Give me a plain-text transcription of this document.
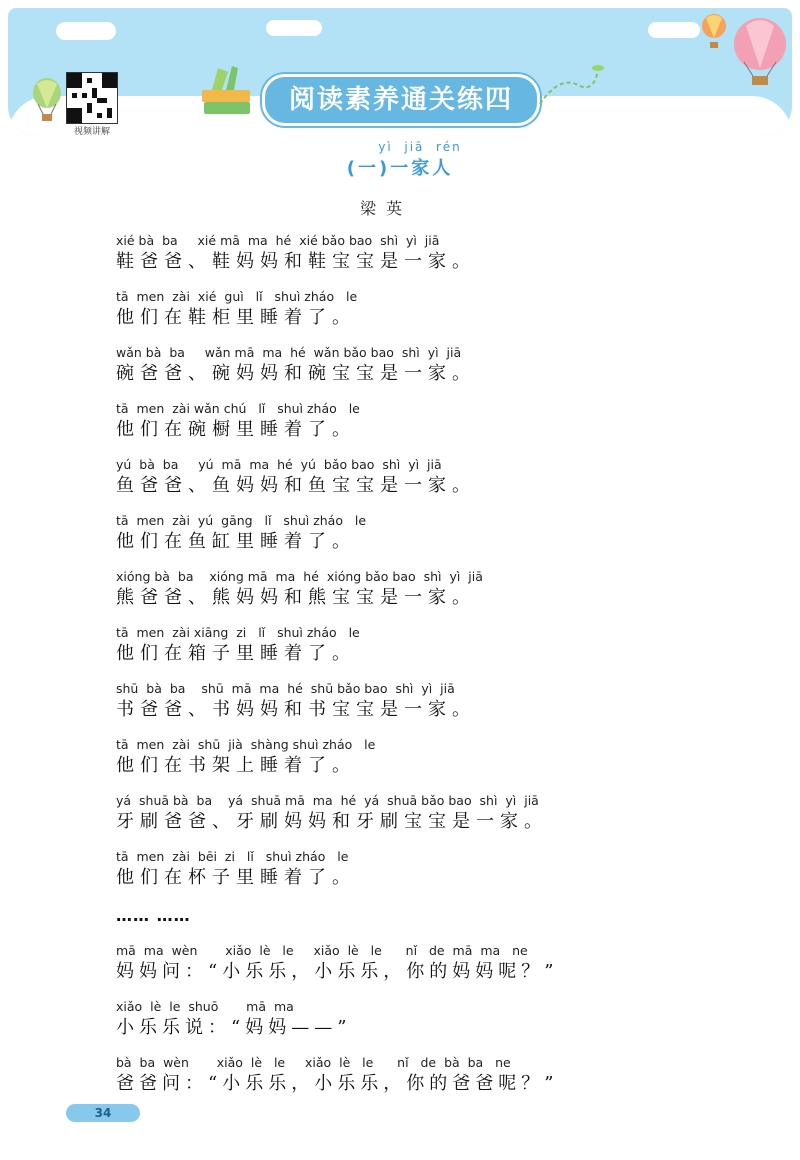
视频讲解
阅读素养通关练四
yì  jiā  rén
(一)一家人
梁英
xié bà  ba     xié mā  ma  hé  xié bǎo bao  shì  yì  jiā
鞋爸爸、鞋妈妈和鞋宝宝是一家。
tā  men  zài  xié  guì   lǐ   shuì zháo   le
他们在鞋柜里睡着了。
wǎn bà  ba     wǎn mā  ma  hé  wǎn bǎo bao  shì  yì  jiā
碗爸爸、碗妈妈和碗宝宝是一家。
tā  men  zài wǎn chú   lǐ   shuì zháo   le
他们在碗橱里睡着了。
yú  bà  ba     yú  mā  ma  hé  yú  bǎo bao  shì  yì  jiā
鱼爸爸、鱼妈妈和鱼宝宝是一家。
tā  men  zài  yú  gāng   lǐ   shuì zháo   le
他们在鱼缸里睡着了。
xióng bà  ba    xióng mā  ma  hé  xióng bǎo bao  shì  yì  jiā
熊爸爸、熊妈妈和熊宝宝是一家。
tā  men  zài xiāng  zi   lǐ   shuì zháo   le
他们在箱子里睡着了。
shū  bà  ba    shū  mā  ma  hé  shū bǎo bao  shì  yì  jiā
书爸爸、书妈妈和书宝宝是一家。
tā  men  zài  shū  jià  shàng shuì zháo   le
他们在书架上睡着了。
yá  shuā bà  ba    yá  shuā mā  ma  hé  yá  shuā bǎo bao  shì  yì  jiā
牙刷爸爸、牙刷妈妈和牙刷宝宝是一家。
tā  men  zài  bēi  zi   lǐ   shuì zháo   le
他们在杯子里睡着了。
…… ……
mā  ma  wèn       xiǎo  lè   le     xiǎo  lè   le      nǐ   de  mā  ma   ne
妈妈问：“小乐乐，小乐乐，你的妈妈呢？”
xiǎo  lè  le  shuō       mā  ma
小乐乐说：“妈妈——”
bà  ba  wèn       xiǎo  lè   le     xiǎo  lè   le      nǐ   de  bà  ba   ne
爸爸问：“小乐乐，小乐乐，你的爸爸呢？”
34
